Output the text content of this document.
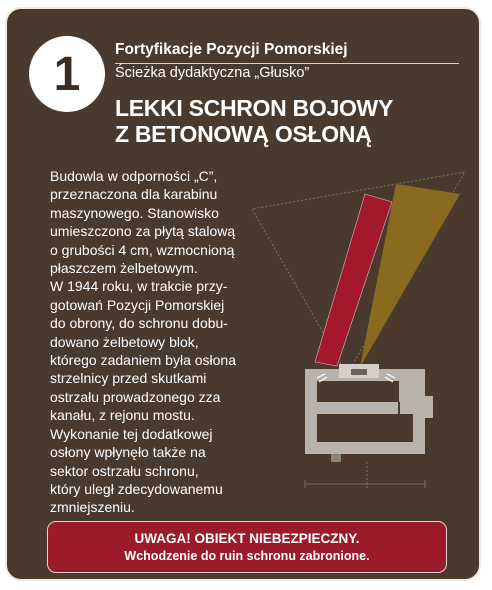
1 Fortyfikacje Pozycji Pomorskiej
Ścieżka dydaktyczna „Głusko”
LEKKI SCHRON BOJOWY
Z BETONOWĄ OSŁONĄ
Budowla w odporności „C”,
przeznaczona dla karabinu
maszynowego. Stanowisko
umieszczono za płytą stalową
o grubości 4 cm, wzmocnioną
płaszczem żelbetowym.
W 1944 roku, w trakcie przy-
gotowań Pozycji Pomorskiej
do obrony, do schronu dobu-
dowano żelbetowy blok,
którego zadaniem była osłona
strzelnicy przed skutkami
ostrzału prowadzonego zza
kanału, z rejonu mostu.
Wykonanie tej dodatkowej
osłony wpłynęło także na
sektor ostrzału schronu,
który uległ zdecydowanemu
zmniejszeniu.
UWAGA! OBIEKT NIEBEZPIECZNY.
Wchodzenie do ruin schronu zabronione.
